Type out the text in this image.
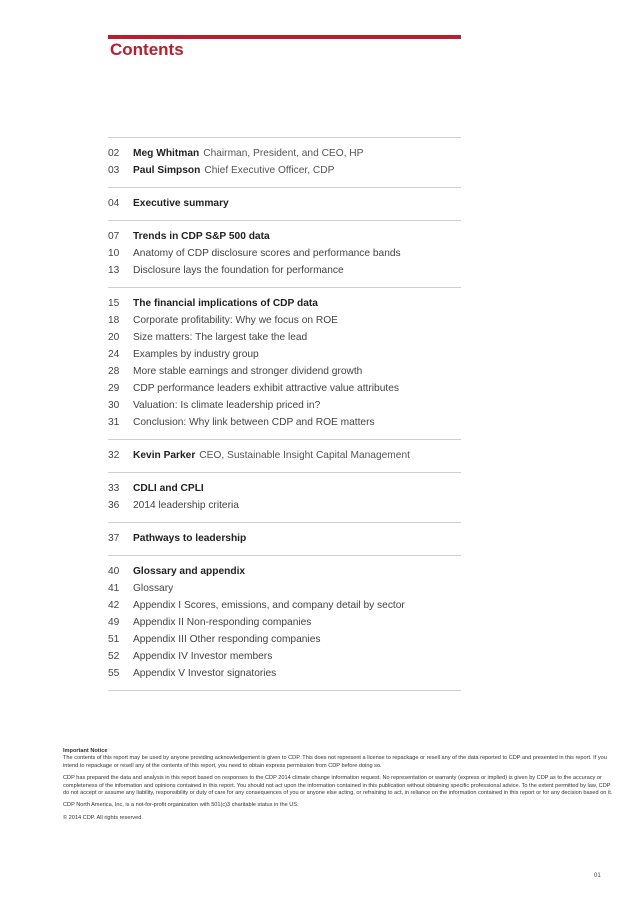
Contents
02 Meg Whitman Chairman, President, and CEO, HP
03 Paul Simpson Chief Executive Officer, CDP
04 Executive summary
07 Trends in CDP S&P 500 data
10 Anatomy of CDP disclosure scores and performance bands
13 Disclosure lays the foundation for performance
15 The financial implications of CDP data
18 Corporate profitability: Why we focus on ROE
20 Size matters: The largest take the lead
24 Examples by industry group
28 More stable earnings and stronger dividend growth
29 CDP performance leaders exhibit attractive value attributes
30 Valuation: Is climate leadership priced in?
31 Conclusion: Why link between CDP and ROE matters
32 Kevin Parker CEO, Sustainable Insight Capital Management
33 CDLI and CPLI
36 2014 leadership criteria
37 Pathways to leadership
40 Glossary and appendix
41 Glossary
42 Appendix I Scores, emissions, and company detail by sector
49 Appendix II Non-responding companies
51 Appendix III Other responding companies
52 Appendix IV Investor members
55 Appendix V Investor signatories

Important Notice

The contents of this report may be used by anyone providing acknowledgement is given to CDP. This does not represent a license to repackage or resell any of the data reported to CDP and presented in this report. If you intend to repackage or resell any of the contents of this report, you need to obtain express permission from CDP before doing so.

CDP has prepared the data and analysis in this report based on responses to the CDP 2014 climate change information request. No representation or warranty (express or implied) is given by CDP as to the accuracy or completeness of the information and opinions contained in this report. You should not act upon the information contained in this publication without obtaining specific professional advice. To the extent permitted by law, CDP do not accept or assume any liability, responsibility or duty of care for any consequences of you or anyone else acting, or refraining to act, in reliance on the information contained in this report or for any decision based on it.

CDP North America, Inc, is a not-for-profit organization with 501(c)3 charitable status in the US.

© 2014 CDP. All rights reserved.

01
